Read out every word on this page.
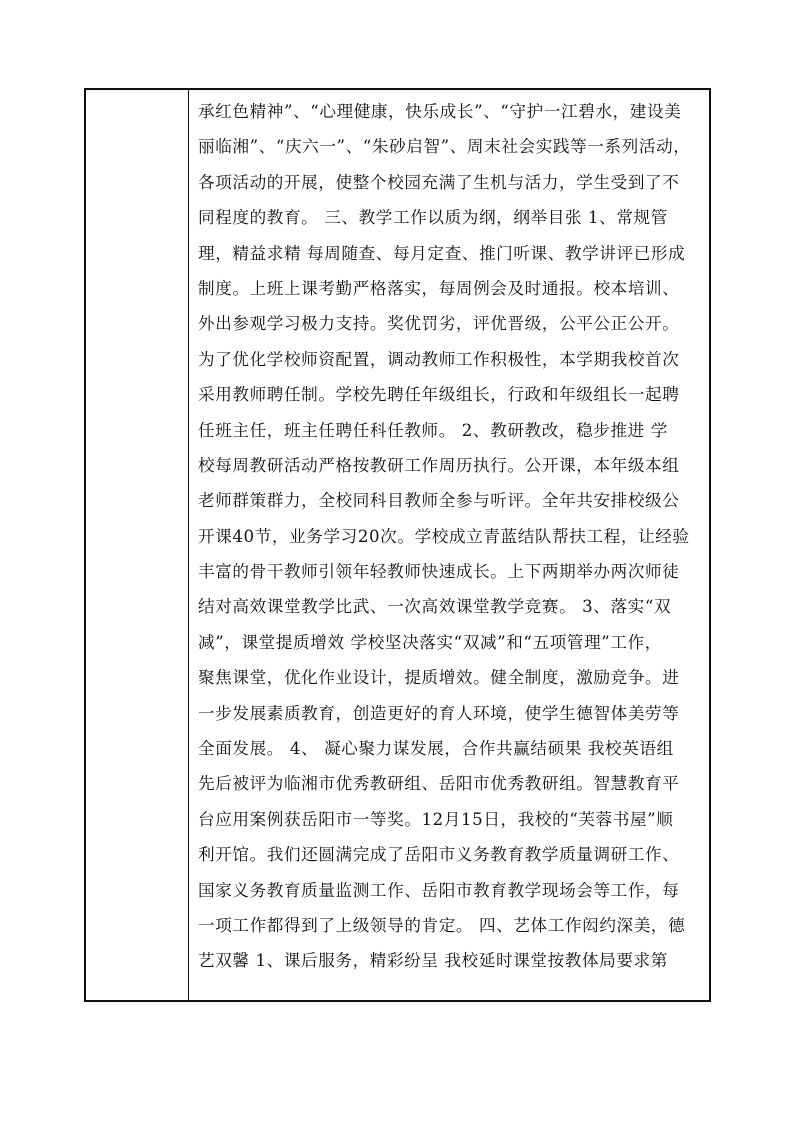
承红色精神”、“心理健康，快乐成长”、“守护一江碧水，建设美
丽临湘”、“庆六一”、“朱砂启智”、周末社会实践等一系列活动，
各项活动的开展，使整个校园充满了生机与活力，学生受到了不
同程度的教育。 三、教学工作以质为纲，纲举目张 1、常规管
理，精益求精 每周随查、每月定查、推门听课、教学讲评已形成
制度。上班上课考勤严格落实，每周例会及时通报。校本培训、
外出参观学习极力支持。奖优罚劣，评优晋级，公平公正公开。
为了优化学校师资配置，调动教师工作积极性，本学期我校首次
采用教师聘任制。学校先聘任年级组长，行政和年级组长一起聘
任班主任，班主任聘任科任教师。 2、教研教改，稳步推进 学
校每周教研活动严格按教研工作周历执行。公开课，本年级本组
老师群策群力，全校同科目教师全参与听评。全年共安排校级公
开课40节，业务学习20次。学校成立青蓝结队帮扶工程，让经验
丰富的骨干教师引领年轻教师快速成长。上下两期举办两次师徒
结对高效课堂教学比武、一次高效课堂教学竞赛。 3、落实“双
减”，课堂提质增效 学校坚决落实“双减”和“五项管理”工作，
聚焦课堂，优化作业设计，提质增效。健全制度，激励竞争。进
一步发展素质教育，创造更好的育人环境，使学生德智体美劳等
全面发展。 4、 凝心聚力谋发展，合作共赢结硕果 我校英语组
先后被评为临湘市优秀教研组、岳阳市优秀教研组。智慧教育平
台应用案例获岳阳市一等奖。12月15日，我校的“芙蓉书屋”顺
利开馆。我们还圆满完成了岳阳市义务教育教学质量调研工作、
国家义务教育质量监测工作、岳阳市教育教学现场会等工作，每
一项工作都得到了上级领导的肯定。 四、艺体工作闳约深美，德
艺双馨 1、课后服务，精彩纷呈 我校延时课堂按教体局要求第
